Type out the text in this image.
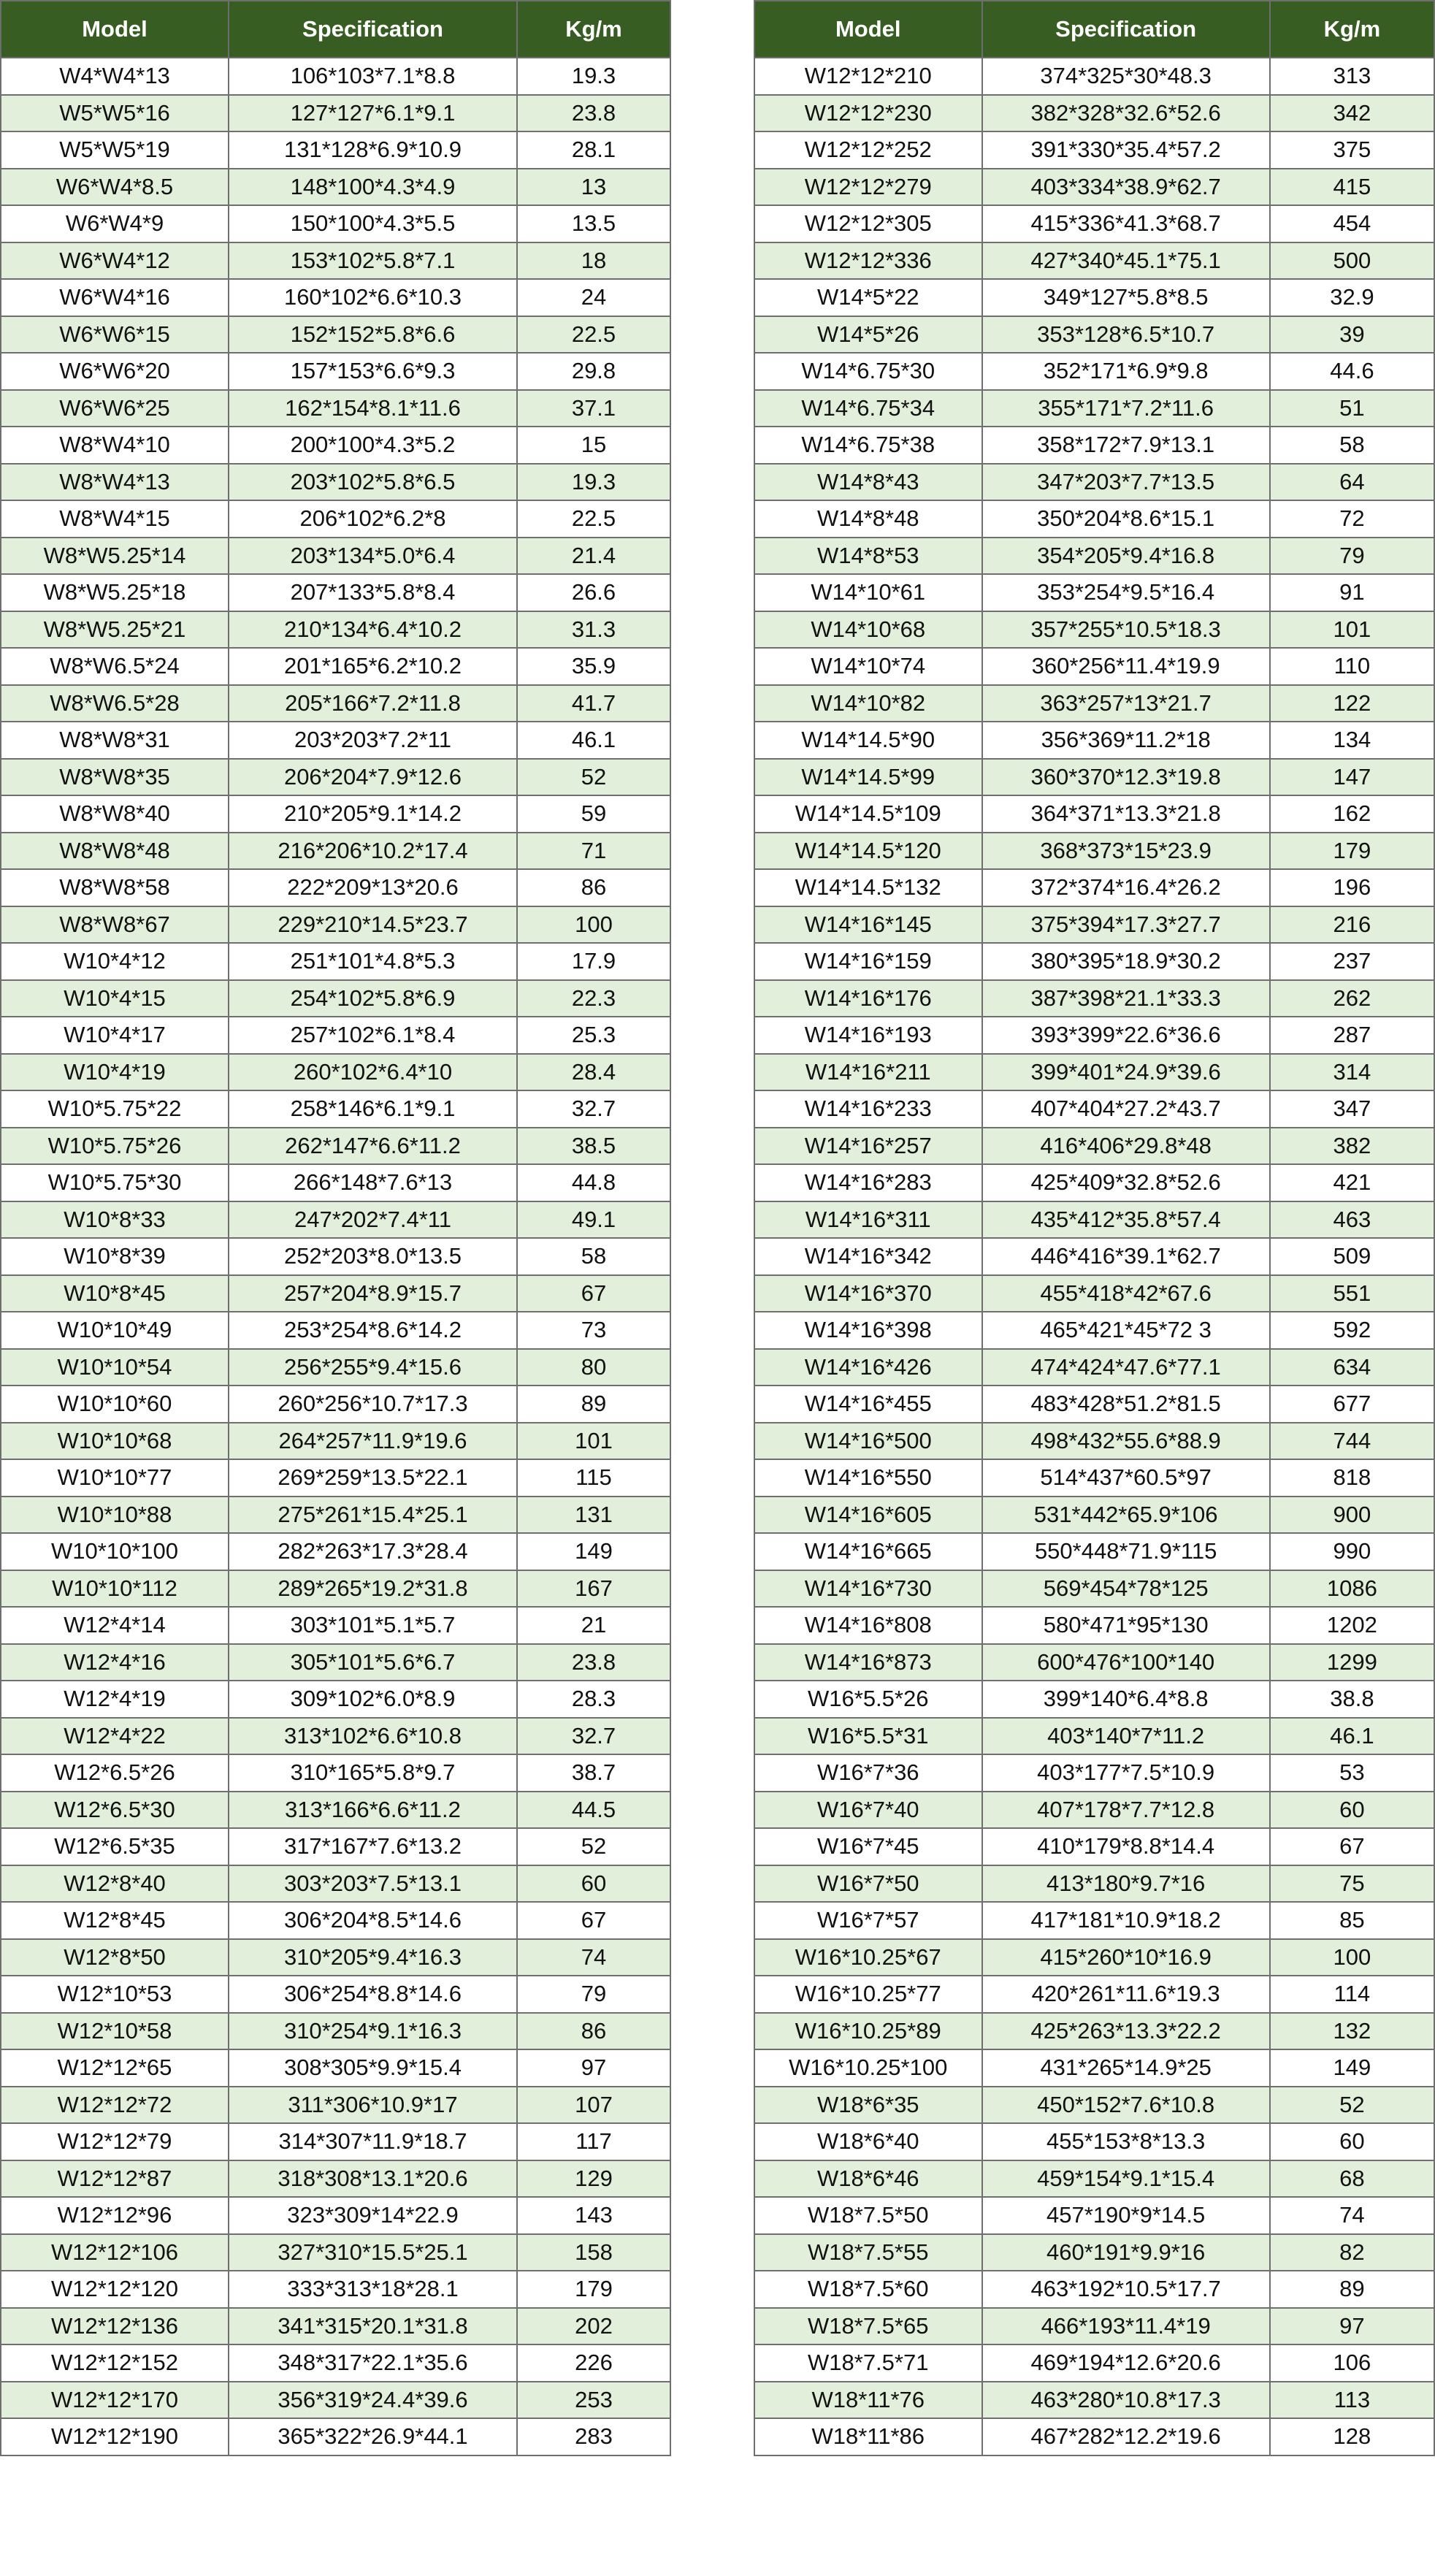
Model	Specification	Kg/m
W4*W4*13	106*103*7.1*8.8	19.3
W5*W5*16	127*127*6.1*9.1	23.8
W5*W5*19	131*128*6.9*10.9	28.1
W6*W4*8.5	148*100*4.3*4.9	13
W6*W4*9	150*100*4.3*5.5	13.5
W6*W4*12	153*102*5.8*7.1	18
W6*W4*16	160*102*6.6*10.3	24
W6*W6*15	152*152*5.8*6.6	22.5
W6*W6*20	157*153*6.6*9.3	29.8
W6*W6*25	162*154*8.1*11.6	37.1
W8*W4*10	200*100*4.3*5.2	15
W8*W4*13	203*102*5.8*6.5	19.3
W8*W4*15	206*102*6.2*8	22.5
W8*W5.25*14	203*134*5.0*6.4	21.4
W8*W5.25*18	207*133*5.8*8.4	26.6
W8*W5.25*21	210*134*6.4*10.2	31.3
W8*W6.5*24	201*165*6.2*10.2	35.9
W8*W6.5*28	205*166*7.2*11.8	41.7
W8*W8*31	203*203*7.2*11	46.1
W8*W8*35	206*204*7.9*12.6	52
W8*W8*40	210*205*9.1*14.2	59
W8*W8*48	216*206*10.2*17.4	71
W8*W8*58	222*209*13*20.6	86
W8*W8*67	229*210*14.5*23.7	100
W10*4*12	251*101*4.8*5.3	17.9
W10*4*15	254*102*5.8*6.9	22.3
W10*4*17	257*102*6.1*8.4	25.3
W10*4*19	260*102*6.4*10	28.4
W10*5.75*22	258*146*6.1*9.1	32.7
W10*5.75*26	262*147*6.6*11.2	38.5
W10*5.75*30	266*148*7.6*13	44.8
W10*8*33	247*202*7.4*11	49.1
W10*8*39	252*203*8.0*13.5	58
W10*8*45	257*204*8.9*15.7	67
W10*10*49	253*254*8.6*14.2	73
W10*10*54	256*255*9.4*15.6	80
W10*10*60	260*256*10.7*17.3	89
W10*10*68	264*257*11.9*19.6	101
W10*10*77	269*259*13.5*22.1	115
W10*10*88	275*261*15.4*25.1	131
W10*10*100	282*263*17.3*28.4	149
W10*10*112	289*265*19.2*31.8	167
W12*4*14	303*101*5.1*5.7	21
W12*4*16	305*101*5.6*6.7	23.8
W12*4*19	309*102*6.0*8.9	28.3
W12*4*22	313*102*6.6*10.8	32.7
W12*6.5*26	310*165*5.8*9.7	38.7
W12*6.5*30	313*166*6.6*11.2	44.5
W12*6.5*35	317*167*7.6*13.2	52
W12*8*40	303*203*7.5*13.1	60
W12*8*45	306*204*8.5*14.6	67
W12*8*50	310*205*9.4*16.3	74
W12*10*53	306*254*8.8*14.6	79
W12*10*58	310*254*9.1*16.3	86
W12*12*65	308*305*9.9*15.4	97
W12*12*72	311*306*10.9*17	107
W12*12*79	314*307*11.9*18.7	117
W12*12*87	318*308*13.1*20.6	129
W12*12*96	323*309*14*22.9	143
W12*12*106	327*310*15.5*25.1	158
W12*12*120	333*313*18*28.1	179
W12*12*136	341*315*20.1*31.8	202
W12*12*152	348*317*22.1*35.6	226
W12*12*170	356*319*24.4*39.6	253
W12*12*190	365*322*26.9*44.1	283
Model	Specification	Kg/m
W12*12*210	374*325*30*48.3	313
W12*12*230	382*328*32.6*52.6	342
W12*12*252	391*330*35.4*57.2	375
W12*12*279	403*334*38.9*62.7	415
W12*12*305	415*336*41.3*68.7	454
W12*12*336	427*340*45.1*75.1	500
W14*5*22	349*127*5.8*8.5	32.9
W14*5*26	353*128*6.5*10.7	39
W14*6.75*30	352*171*6.9*9.8	44.6
W14*6.75*34	355*171*7.2*11.6	51
W14*6.75*38	358*172*7.9*13.1	58
W14*8*43	347*203*7.7*13.5	64
W14*8*48	350*204*8.6*15.1	72
W14*8*53	354*205*9.4*16.8	79
W14*10*61	353*254*9.5*16.4	91
W14*10*68	357*255*10.5*18.3	101
W14*10*74	360*256*11.4*19.9	110
W14*10*82	363*257*13*21.7	122
W14*14.5*90	356*369*11.2*18	134
W14*14.5*99	360*370*12.3*19.8	147
W14*14.5*109	364*371*13.3*21.8	162
W14*14.5*120	368*373*15*23.9	179
W14*14.5*132	372*374*16.4*26.2	196
W14*16*145	375*394*17.3*27.7	216
W14*16*159	380*395*18.9*30.2	237
W14*16*176	387*398*21.1*33.3	262
W14*16*193	393*399*22.6*36.6	287
W14*16*211	399*401*24.9*39.6	314
W14*16*233	407*404*27.2*43.7	347
W14*16*257	416*406*29.8*48	382
W14*16*283	425*409*32.8*52.6	421
W14*16*311	435*412*35.8*57.4	463
W14*16*342	446*416*39.1*62.7	509
W14*16*370	455*418*42*67.6	551
W14*16*398	465*421*45*72 3	592
W14*16*426	474*424*47.6*77.1	634
W14*16*455	483*428*51.2*81.5	677
W14*16*500	498*432*55.6*88.9	744
W14*16*550	514*437*60.5*97	818
W14*16*605	531*442*65.9*106	900
W14*16*665	550*448*71.9*115	990
W14*16*730	569*454*78*125	1086
W14*16*808	580*471*95*130	1202
W14*16*873	600*476*100*140	1299
W16*5.5*26	399*140*6.4*8.8	38.8
W16*5.5*31	403*140*7*11.2	46.1
W16*7*36	403*177*7.5*10.9	53
W16*7*40	407*178*7.7*12.8	60
W16*7*45	410*179*8.8*14.4	67
W16*7*50	413*180*9.7*16	75
W16*7*57	417*181*10.9*18.2	85
W16*10.25*67	415*260*10*16.9	100
W16*10.25*77	420*261*11.6*19.3	114
W16*10.25*89	425*263*13.3*22.2	132
W16*10.25*100	431*265*14.9*25	149
W18*6*35	450*152*7.6*10.8	52
W18*6*40	455*153*8*13.3	60
W18*6*46	459*154*9.1*15.4	68
W18*7.5*50	457*190*9*14.5	74
W18*7.5*55	460*191*9.9*16	82
W18*7.5*60	463*192*10.5*17.7	89
W18*7.5*65	466*193*11.4*19	97
W18*7.5*71	469*194*12.6*20.6	106
W18*11*76	463*280*10.8*17.3	113
W18*11*86	467*282*12.2*19.6	128
